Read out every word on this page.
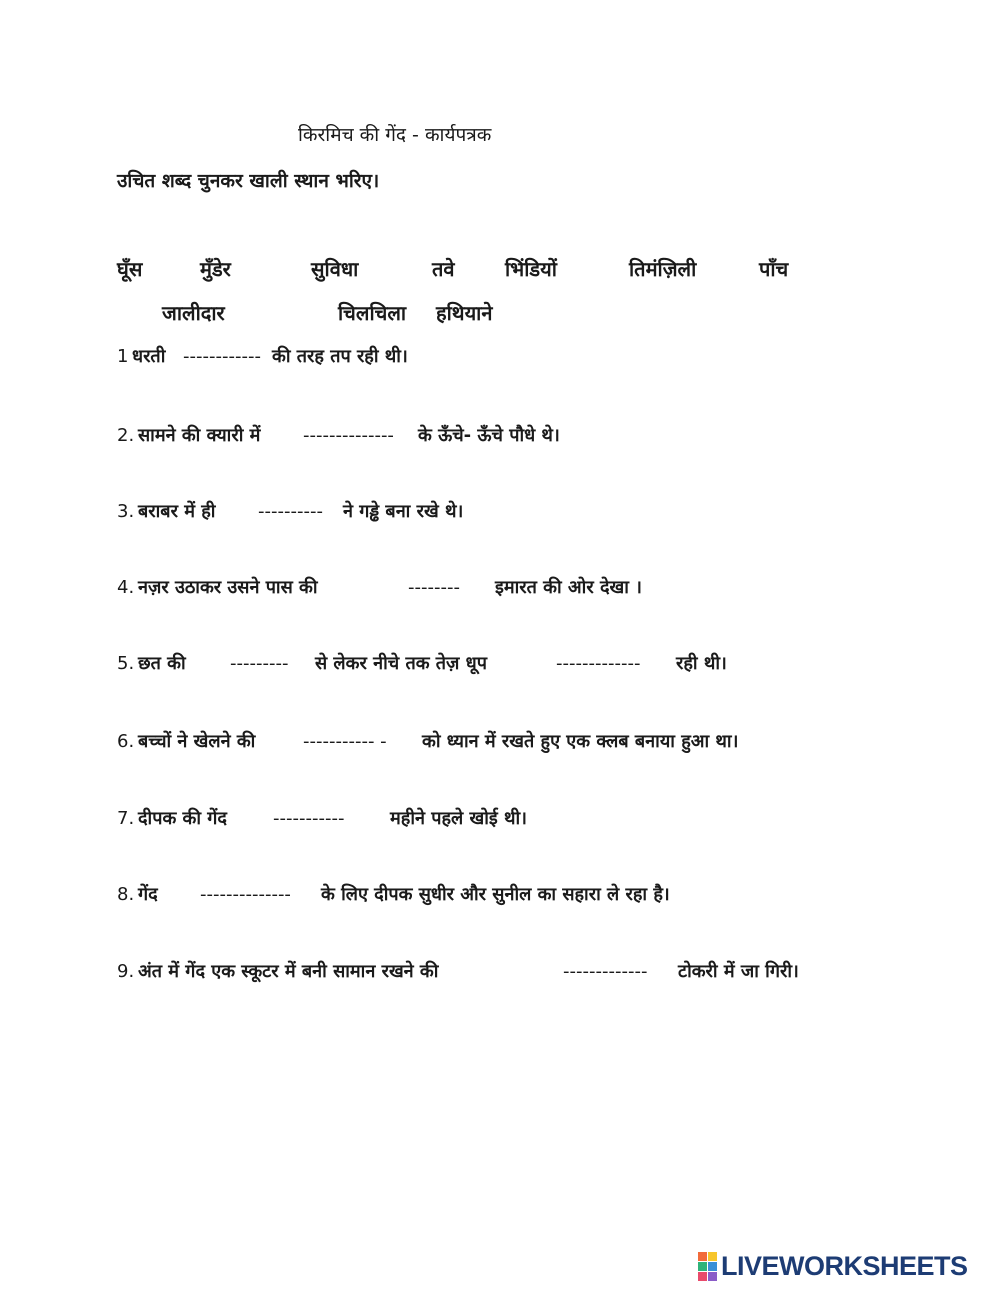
किरमिच की गेंद - कार्यपत्रक
उचित शब्द चुनकर खाली स्थान भरिए।
घूँस	मुँडेर	सुविधा	तवे	भिंडियों	तिमंज़िली	पाँच
जालीदार	चिलचिला हथियाने
1 धरती ------------ की तरह तप रही थी।
2. सामने की क्यारी में -------------- के ऊँचे- ऊँचे पौधे थे।
3. बराबर में ही ---------- ने गड्ढे बना रखे थे।
4. नज़र उठाकर उसने पास की	-------- इमारत की ओर देखा ।
5. छत की --------- से लेकर नीचे तक तेज़ धूप	------------- रही थी।
6. बच्चों ने खेलने की	----------- - को ध्यान में रखते हुए एक क्लब बनाया हुआ था।
7. दीपक की गेंद	-----------	महीने पहले खोई थी।
8. गेंद -------------- के लिए दीपक सुधीर और सुनील का सहारा ले रहा है।
9. अंत में गेंद एक स्कूटर में बनी सामान रखने की	------------- टोकरी में जा गिरी।
LIVEWORKSHEETS
